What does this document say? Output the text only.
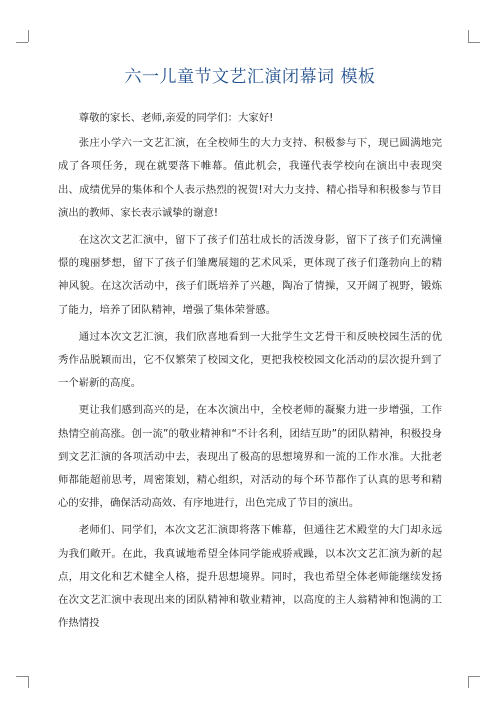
六一儿童节文艺汇演闭幕词 模板

尊敬的家长、老师,亲爱的同学们：大家好!

张庄小学六一文艺汇演，在全校师生的大力支持、积极参与下，现已圆满地完成了各项任务，现在就要落下帷幕。值此机会，我谨代表学校向在演出中表现突出、成绩优异的集体和个人表示热烈的祝贺!对大力支持、精心指导和积极参与节目演出的教师、家长表示诚挚的谢意!

在这次文艺汇演中，留下了孩子们茁壮成长的活泼身影，留下了孩子们充满憧憬的瑰丽梦想，留下了孩子们雏鹰展翅的艺术风采，更体现了孩子们蓬勃向上的精神风貌。在这次活动中，孩子们既培养了兴趣，陶冶了情操，又开阔了视野，锻炼了能力，培养了团队精神，增强了集体荣誉感。

通过本次文艺汇演，我们欣喜地看到一大批学生文艺骨干和反映校园生活的优秀作品脱颖而出，它不仅繁荣了校园文化，更把我校校园文化活动的层次提升到了一个崭新的高度。

更让我们感到高兴的是，在本次演出中，全校老师的凝聚力进一步增强，工作热情空前高涨。创一流”的敬业精神和“不计名利，团结互助”的团队精神，积极投身到文艺汇演的各项活动中去，表现出了极高的思想境界和一流的工作水准。大批老师都能超前思考，周密策划，精心组织，对活动的每个环节都作了认真的思考和精心的安排，确保活动高效、有序地进行，出色完成了节目的演出。

老师们、同学们，本次文艺汇演即将落下帷幕，但通往艺术殿堂的大门却永远为我们敞开。在此，我真诚地希望全体同学能戒骄戒躁，以本次文艺汇演为新的起点，用文化和艺术健全人格，提升思想境界。同时，我也希望全体老师能继续发扬在次文艺汇演中表现出来的团队精神和敬业精神，以高度的主人翁精神和饱满的工作热情投
